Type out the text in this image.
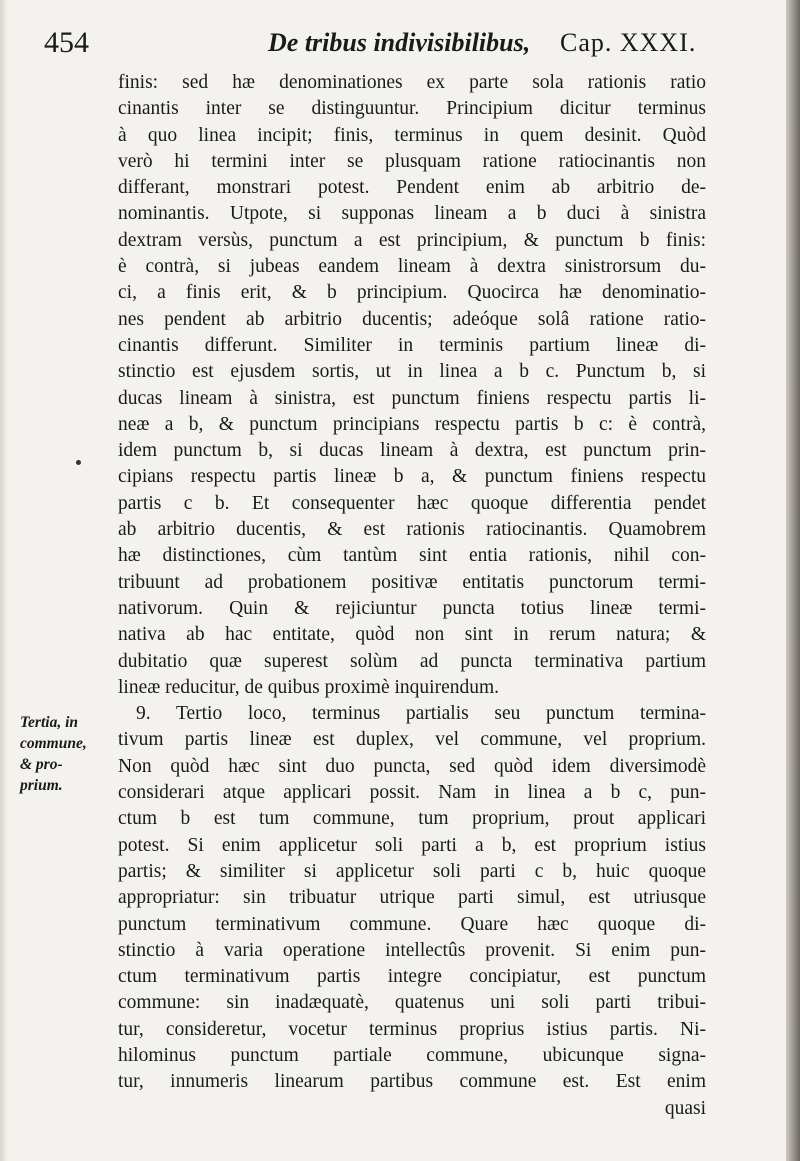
454	De tribus indivisibilibus, Cap. XXXI.
Tertia, in
commune,
& pro-
prium.
finis: sed hæ denominationes ex parte sola rationis ratio
cinantis inter se distinguuntur. Principium dicitur terminus
à quo linea incipit; finis, terminus in quem desinit. Quòd
verò hi termini inter se plusquam ratione ratiocinantis non
differant, monstrari potest. Pendent enim ab arbitrio de-
nominantis. Utpote, si supponas lineam a b duci à sinistra
dextram versùs, punctum a est principium, & punctum b finis:
è contrà, si jubeas eandem lineam à dextra sinistrorsum du-
ci, a finis erit, & b principium. Quocirca hæ denominatio-
nes pendent ab arbitrio ducentis; adeóque solâ ratione ratio-
cinantis differunt. Similiter in terminis partium lineæ di-
stinctio est ejusdem sortis, ut in linea a b c. Punctum b, si
ducas lineam à sinistra, est punctum finiens respectu partis li-
neæ a b, & punctum principians respectu partis b c: è contrà,
idem punctum b, si ducas lineam à dextra, est punctum prin-
cipians respectu partis lineæ b a, & punctum finiens respectu
partis c b. Et consequenter hæc quoque differentia pendet
ab arbitrio ducentis, & est rationis ratiocinantis. Quamobrem
hæ distinctiones, cùm tantùm sint entia rationis, nihil con-
tribuunt ad probationem positivæ entitatis punctorum termi-
nativorum. Quin & rejiciuntur puncta totius lineæ termi-
nativa ab hac entitate, quòd non sint in rerum natura; &
dubitatio quæ superest solùm ad puncta terminativa partium
lineæ reducitur, de quibus proximè inquirendum.
9. Tertio loco, terminus partialis seu punctum termina-
tivum partis lineæ est duplex, vel commune, vel proprium.
Non quòd hæc sint duo puncta, sed quòd idem diversimodè
considerari atque applicari possit. Nam in linea a b c, pun-
ctum b est tum commune, tum proprium, prout applicari
potest. Si enim applicetur soli parti a b, est proprium istius
partis; & similiter si applicetur soli parti c b, huic quoque
appropriatur: sin tribuatur utrique parti simul, est utriusque
punctum terminativum commune. Quare hæc quoque di-
stinctio à varia operatione intellectûs provenit. Si enim pun-
ctum terminativum partis integre concipiatur, est punctum
commune: sin inadæquatè, quatenus uni soli parti tribui-
tur, consideretur, vocetur terminus proprius istius partis. Ni-
hilominus punctum partiale commune, ubicunque signa-
tur, innumeris linearum partibus commune est. Est enim
quasi
